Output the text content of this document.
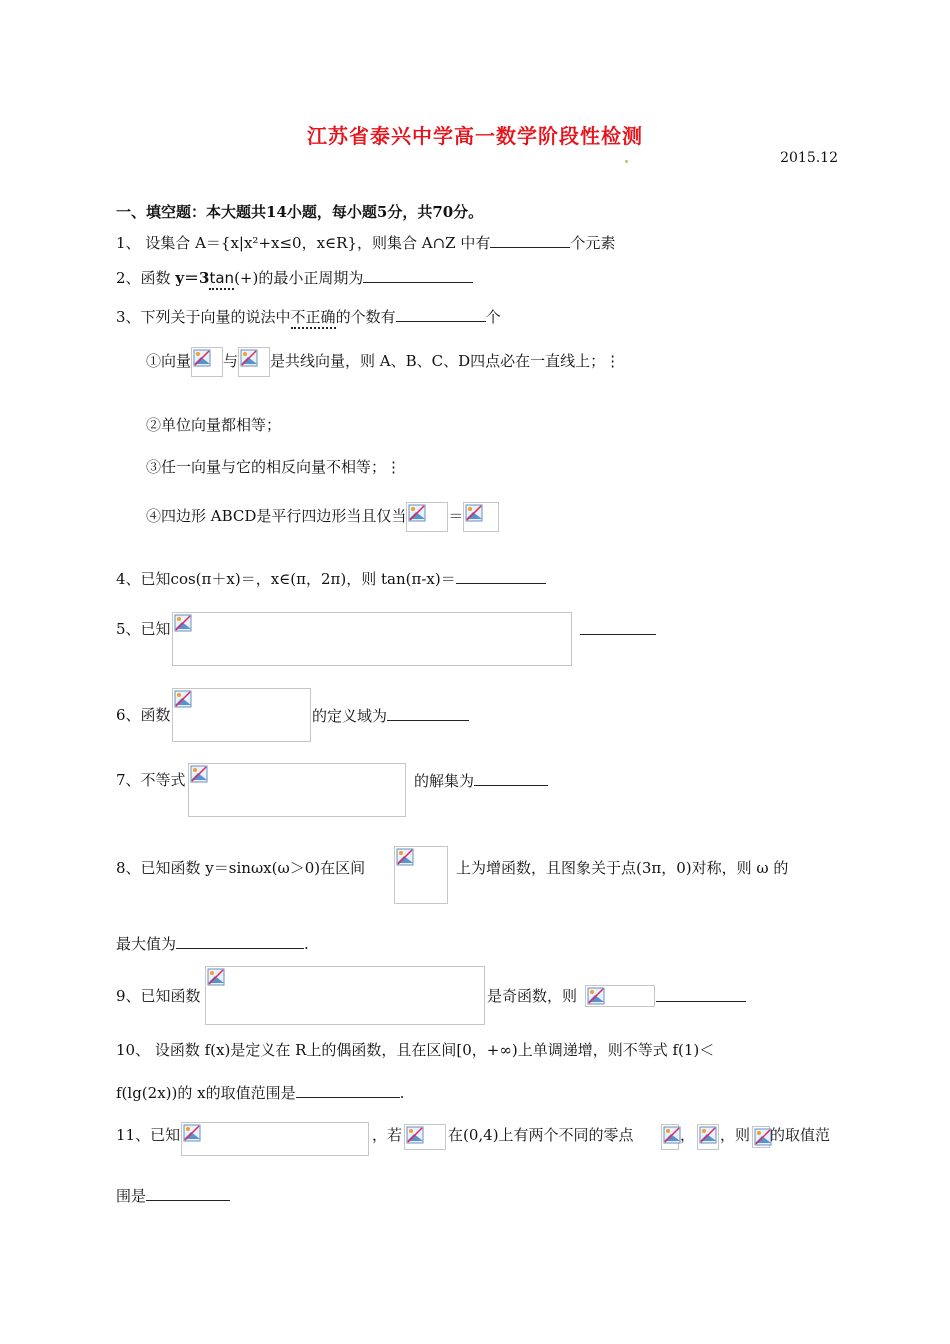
江苏省泰兴中学高一数学阶段性检测
2015.12
一、填空题：本大题共14小题，每小题5分，共70分。
1、 设集合 A＝{x|x²+x≤0，x∈R}，则集合 A∩Z 中有	个元素
2、函数 y＝3tan(+)的最小正周期为
3、下列关于向量的说法中不正确的个数有	个
①向量 与 是共线向量，则 A、B、C、D四点必在一直线上；⋮
②单位向量都相等；
③任一向量与它的相反向量不相等；⋮
④四边形 ABCD是平行四边形当且仅当	＝
4、已知cos(π＋x)＝，x∈(π，2π)，则 tan(π-x)＝
5、已知
6、函数	的定义域为
7、不等式	的解集为
8、已知函数 y＝sinωx(ω＞0)在区间	上为增函数，且图象关于点(3π，0)对称，则 ω 的
最大值为	.
9、已知函数	是奇函数，则
10、 设函数 f(x)是定义在 R上的偶函数，且在区间[0，+∞)上单调递增，则不等式 f(1)＜
f(lg(2x))的 x的取值范围是	.
11、已知	，若	在(0,4)上有两个不同的零点	， ，则 的取值范
围是
